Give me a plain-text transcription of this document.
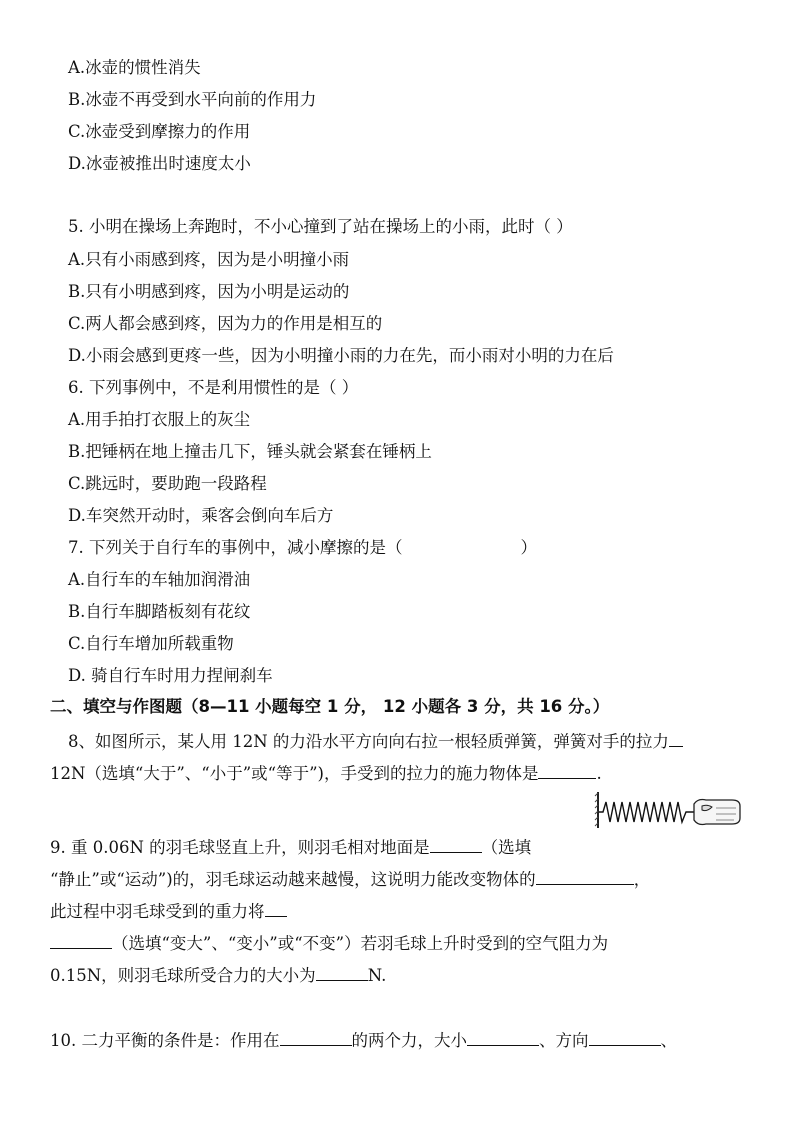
A.冰壶的惯性消失
B.冰壶不再受到水平向前的作用力
C.冰壶受到摩擦力的作用
D.冰壶被推出时速度太小
5. 小明在操场上奔跑时，不小心撞到了站在操场上的小雨，此时（ ）
A.只有小雨感到疼，因为是小明撞小雨
B.只有小明感到疼，因为小明是运动的
C.两人都会感到疼，因为力的作用是相互的
D.小雨会感到更疼一些，因为小明撞小雨的力在先，而小雨对小明的力在后
6. 下列事例中，不是利用惯性的是（ ）
A.用手拍打衣服上的灰尘
B.把锤柄在地上撞击几下，锤头就会紧套在锤柄上
C.跳远时，要助跑一段路程
D.车突然开动时，乘客会倒向车后方
7. 下列关于自行车的事例中，减小摩擦的是（	）
A.自行车的车轴加润滑油
B.自行车脚踏板刻有花纹
C.自行车增加所载重物
D. 骑自行车时用力捏闸刹车
二、填空与作图题（8—11 小题每空 1 分， 12 小题各 3 分，共 16 分。）
8、如图所示，某人用 12N 的力沿水平方向向右拉一根轻质弹簧，弹簧对手的拉力
12N（选填“大于”、“小于”或“等于”)，手受到的拉力的施力物体是	.
9. 重 0.06N 的羽毛球竖直上升，则羽毛相对地面是	（选填
“静止”或“运动”)的，羽毛球运动越来越慢，这说明力能改变物体的	，
此过程中羽毛球受到的重力将
（选填“变大”、“变小”或“不变”）若羽毛球上升时受到的空气阻力为
0.15N，则羽毛球所受合力的大小为	N.
10. 二力平衡的条件是：作用在	的两个力，大小	、方向	、
